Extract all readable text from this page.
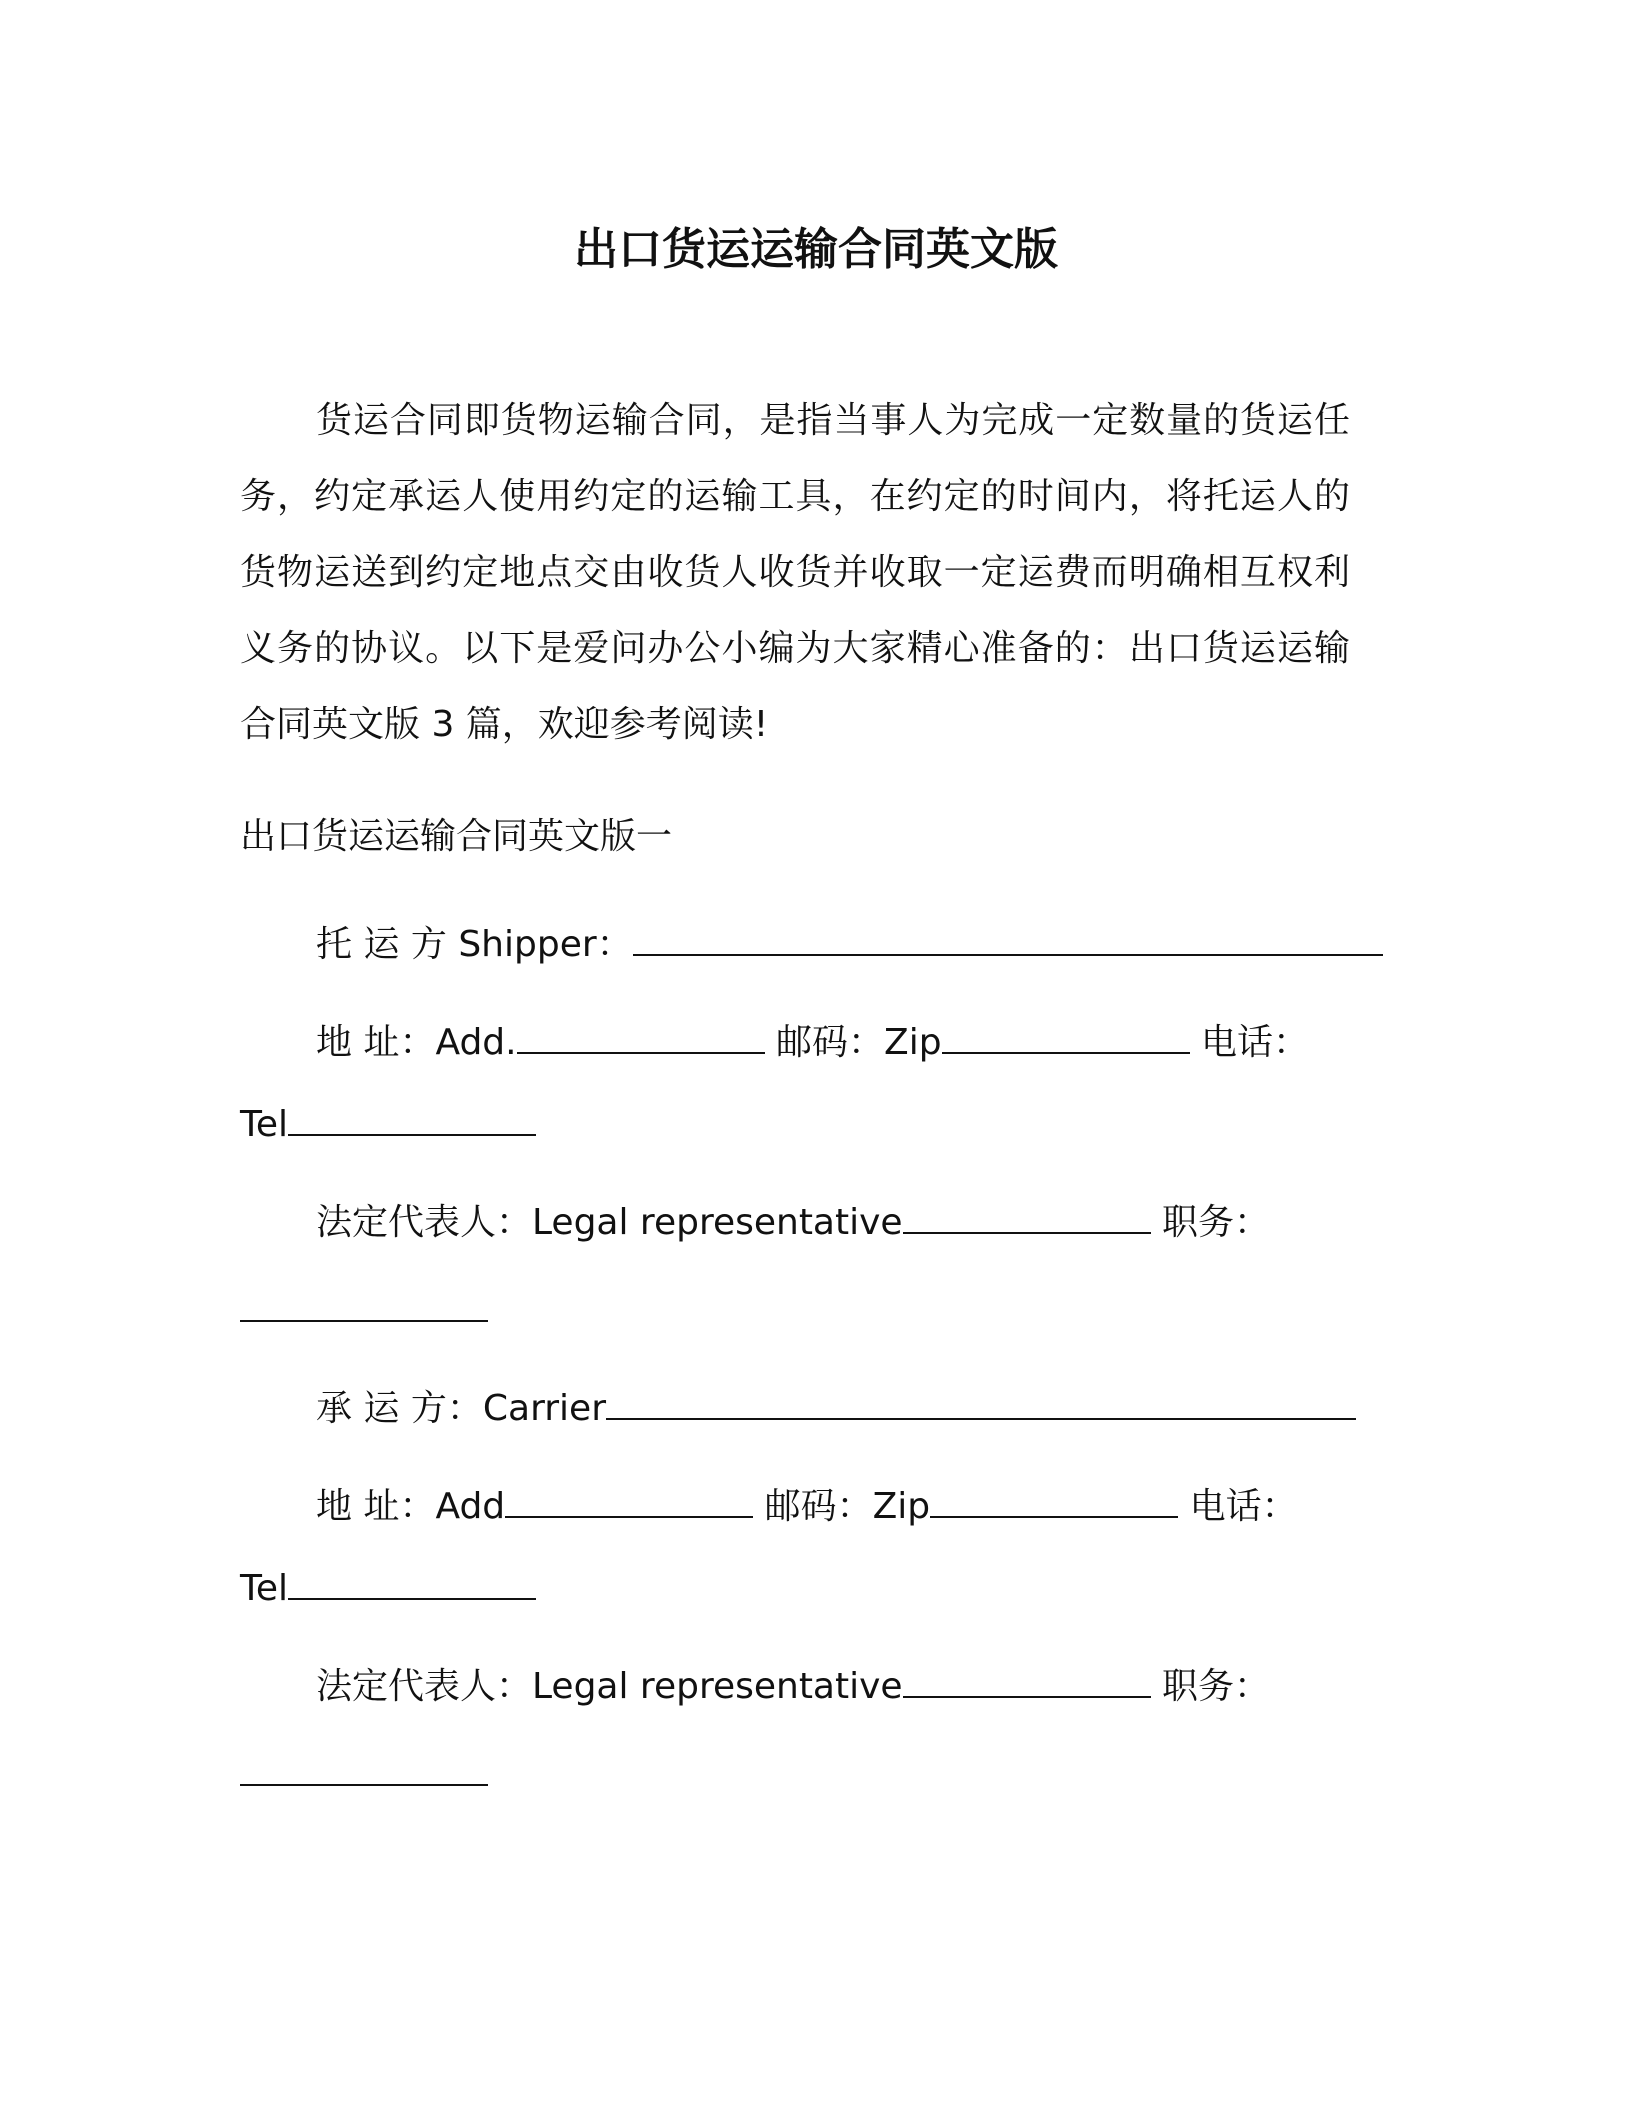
出口货运运输合同英文版
货运合同即货物运输合同，是指当事人为完成一定数量的货运任
务，约定承运人使用约定的运输工具，在约定的时间内，将托运人的
货物运送到约定地点交由收货人收货并收取一定运费而明确相互权利
义务的协议。以下是爱问办公小编为大家精心准备的：出口货运运输
合同英文版 3 篇，欢迎参考阅读!
出口货运运输合同英文版一
托 运 方 Shipper：
地 址：Add.	邮码：Zip	电话：
Tel
法定代表人：Legal representative	职务：
承 运 方：Carrier
地 址：Add	邮码：Zip	电话：
Tel
法定代表人：Legal representative	职务：
